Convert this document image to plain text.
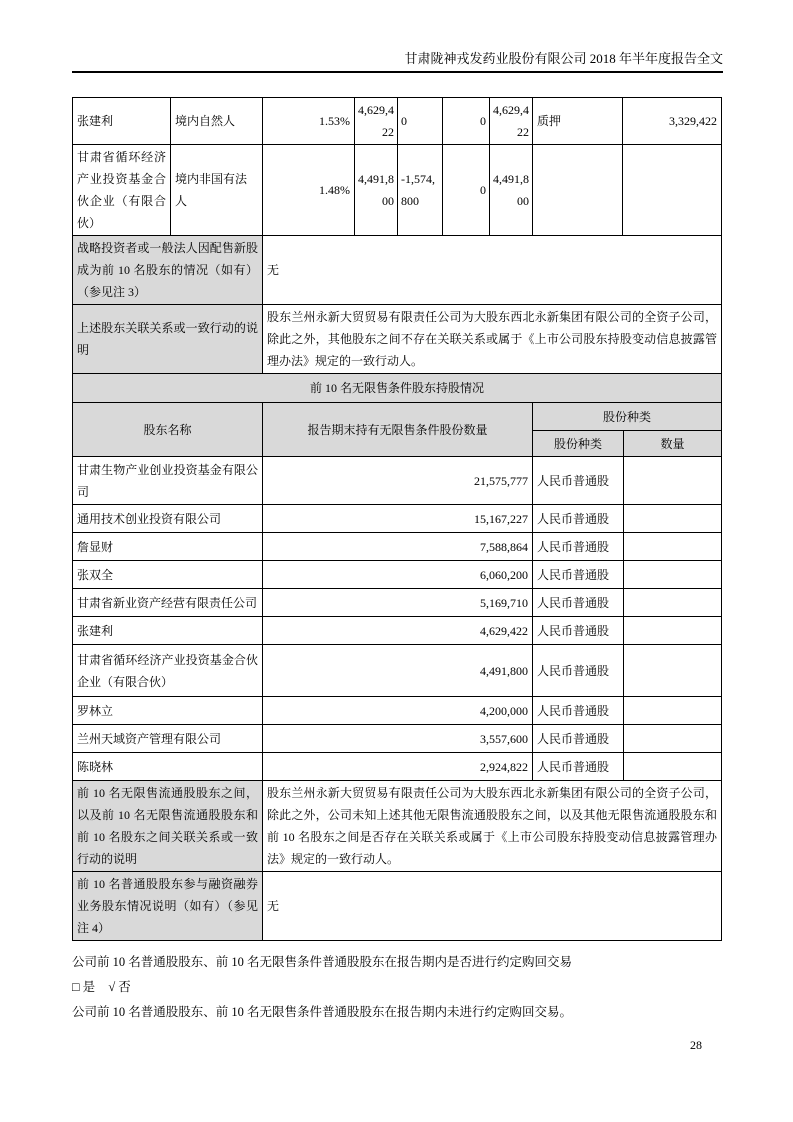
甘肃陇神戎发药业股份有限公司 2018 年半年度报告全文
张建利	境内自然人	1.53%	4,629,422	0	0	4,629,422	质押	3,329,422
甘肃省循环经济产业投资基金合伙企业（有限合伙）	境内非国有法人	1.48%	4,491,800	-1,574,800	0	4,491,800		
战略投资者或一般法人因配售新股成为前 10 名股东的情况（如有）（参见注 3）		无						
上述股东关联关系或一致行动的说明		股东兰州永新大贸贸易有限责任公司为大股东西北永新集团有限公司的全资子公司，除此之外，其他股东之间不存在关联关系或属于《上市公司股东持股变动信息披露管理办法》规定的一致行动人。						
前 10 名无限售条件股东持股情况			
股东名称	报告期末持有无限售条件股份数量	股份种类	
		股份种类	数量
甘肃生物产业创业投资基金有限公司	21,575,777	人民币普通股	
通用技术创业投资有限公司	15,167,227	人民币普通股	
詹显财	7,588,864	人民币普通股	
张双全	6,060,200	人民币普通股	
甘肃省新业资产经营有限责任公司	5,169,710	人民币普通股	
张建利	4,629,422	人民币普通股	
甘肃省循环经济产业投资基金合伙企业（有限合伙）	4,491,800	人民币普通股	
罗林立	4,200,000	人民币普通股	
兰州天域资产管理有限公司	3,557,600	人民币普通股	
陈晓林	2,924,822	人民币普通股	
前 10 名无限售流通股股东之间，以及前 10 名无限售流通股股东和前 10 名股东之间关联关系或一致行动的说明	股东兰州永新大贸贸易有限责任公司为大股东西北永新集团有限公司的全资子公司，除此之外，公司未知上述其他无限售流通股股东之间，以及其他无限售流通股股东和前 10 名股东之间是否存在关联关系或属于《上市公司股东持股变动信息披露管理办法》规定的一致行动人。
前 10 名普通股股东参与融资融券业务股东情况说明（如有）（参见注 4）	无
公司前 10 名普通股股东、前 10 名无限售条件普通股股东在报告期内是否进行约定购回交易
□ 是 √ 否
公司前 10 名普通股股东、前 10 名无限售条件普通股股东在报告期内未进行约定购回交易。
28
